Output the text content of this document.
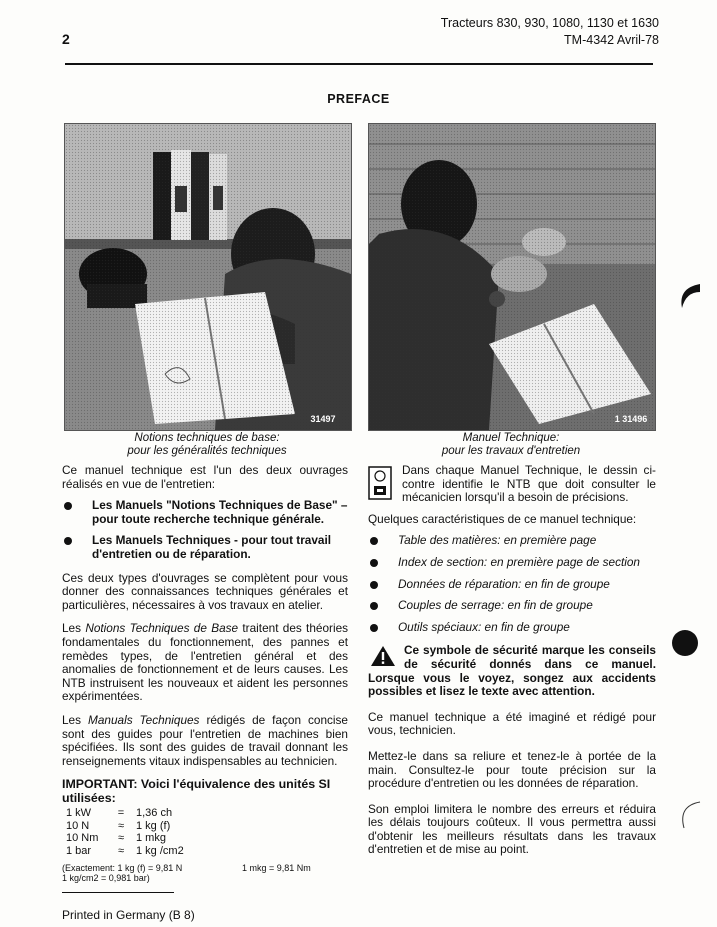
2
Tracteurs 830, 930, 1080, 1130 et 1630
TM-4342 Avril-78
PREFACE
31497	1 31496
Notions techniques de base:
pour les généralités techniques
Manuel Technique:
pour les travaux d'entretien

Ce manuel technique est l'un des deux ouvrages réalisés en vue de l'entretien:

Les Manuels "Notions Techniques de Base" –
pour toute recherche technique générale.
Les Manuels Techniques - pour tout travail
d'entretien ou de réparation.

Ces deux types d'ouvrages se complètent pour vous donner des connaissances techniques générales et particulières, nécessaires à vos travaux en atelier.

Les Notions Techniques de Base traitent des théories fondamentales du fonctionnement, des pannes et remèdes types, de l'entretien général et des anomalies de fonctionnement et de leurs causes. Les NTB instruisent les nouveaux et aident les personnes expérimentées.

Les Manuals Techniques rédigés de façon concise sont des guides pour l'entretien de machines bien spécifiées. Ils sont des guides de travail donnant les renseignements vitaux indispensables au technicien.

IMPORTANT: Voici l'équivalence des unités SI utilisées:

1 kW	=	1,36 ch
10 N	≈	1 kg (f)
10 Nm	≈	1 mkg
1 bar	≈	1 kg /cm2
(Exactement: 1 kg (f) = 9,81 N
1 kg/cm2 = 0,981 bar)
1 mkg = 9,81 Nm

Dans chaque Manuel Technique, le dessin ci-contre identifie le NTB que doit consulter le mécanicien lorsqu'il a besoin de précisions.

Quelques caractéristiques de ce manuel technique:

Table des matières: en première page
Index de section: en première page de section
Données de réparation: en fin de groupe
Couples de serrage: en fin de groupe
Outils spéciaux: en fin de groupe

Ce symbole de sécurité marque les conseils de sécurité donnés dans ce manuel. Lorsque vous le voyez, songez aux accidents possibles et lisez le texte avec attention.

Ce manuel technique a été imaginé et rédigé pour vous, technicien.

Mettez-le dans sa reliure et tenez-le à portée de la main. Consultez-le pour toute précision sur la procédure d'entretien ou les données de réparation.

Son emploi limitera le nombre des erreurs et réduira les délais toujours coûteux. Il vous permettra aussi d'obtenir les meilleurs résultats dans les travaux d'entretien et de mise au point.

Printed in Germany (B 8)
